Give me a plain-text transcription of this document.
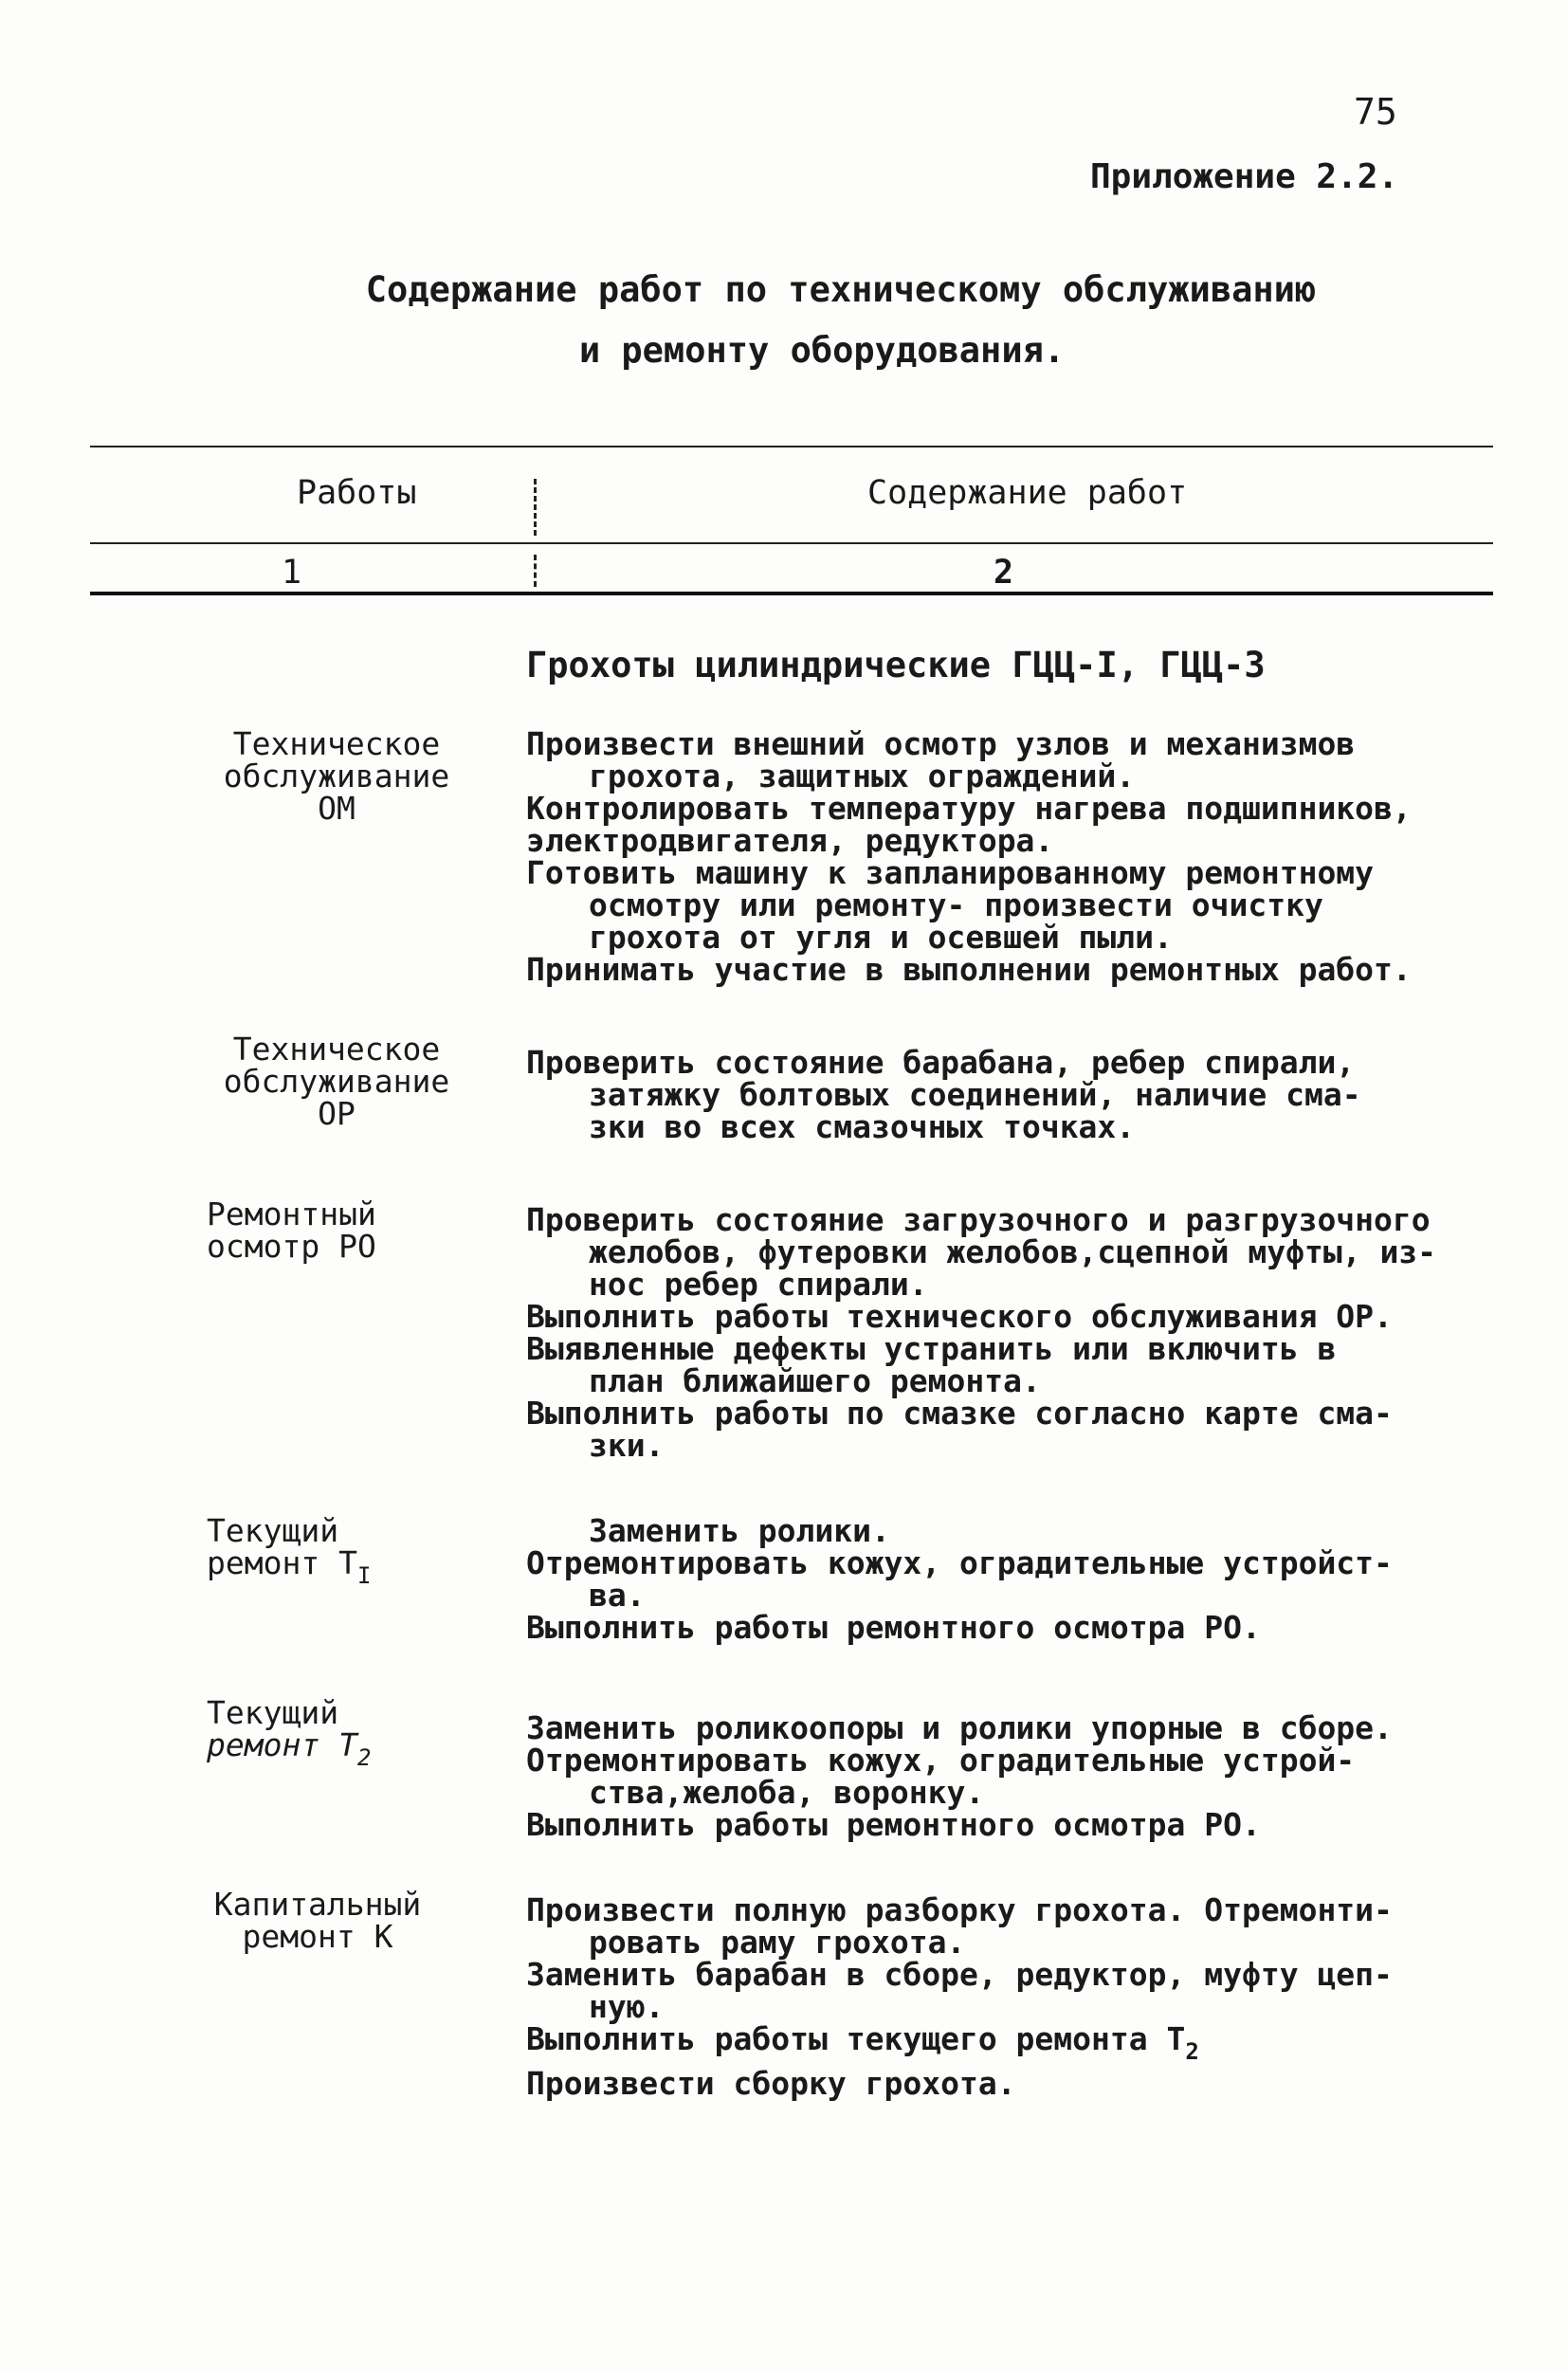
75
Приложение 2.2.
Содержание работ по техническому обслуживанию
и ремонту оборудования.
Работы	Содержание работ
1	2
Грохоты цилиндрические ГЦЦ-I, ГЦЦ-3
Техническое
обслуживание
ОМ
Произвести внешний осмотр узлов и механизмов
грохота, защитных ограждений.
Контролировать температуру нагрева подшипников,
электродвигателя, редуктора.
Готовить машину к запланированному ремонтному
осмотру или ремонту- произвести очистку
грохота от угля и осевшей пыли.
Принимать участие в выполнении ремонтных работ.
Техническое
обслуживание
ОР
Проверить состояние барабана, ребер спирали,
затяжку болтовых соединений, наличие сма-
зки во всех смазочных точках.
Ремонтный
осмотр РО
Проверить состояние загрузочного и разгрузочного
желобов, футеровки желобов,сцепной муфты, из-
нос ребер спирали.
Выполнить работы технического обслуживания ОР.
Выявленные дефекты устранить или включить в
план ближайшего ремонта.
Выполнить работы по смазке согласно карте сма-
зки.
Текущий
ремонт $Т_I$
Заменить ролики.
Отремонтировать кожух, оградительные устройст-
ва.
Выполнить работы ремонтного осмотра РО.
Текущий
ремонт $Т_2$
Заменить роликоопоры и ролики упорные в сборе.
Отремонтировать кожух, оградительные устрой-
ства,желоба, воронку.
Выполнить работы ремонтного осмотра РО.
Капитальный
ремонт К
Произвести полную разборку грохота. Отремонти-
ровать раму грохота.
Заменить барабан в сборе, редуктор, муфту цеп-
ную.
Выполнить работы текущего ремонта $Т_2$
Произвести сборку грохота.
